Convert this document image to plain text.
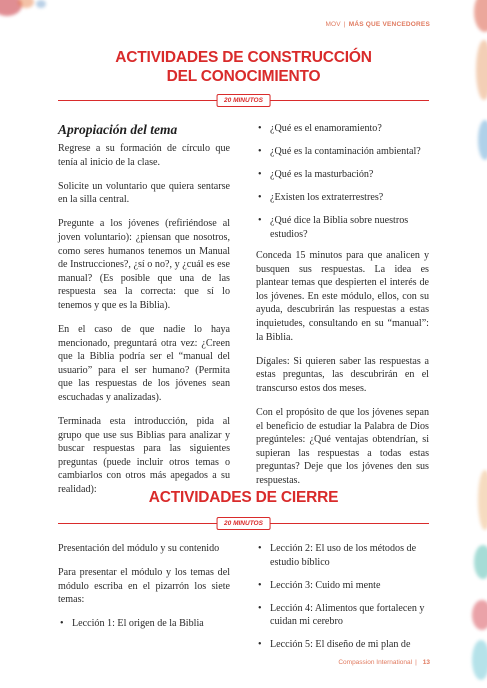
MOV | MÁS QUE VENCEDORES
ACTIVIDADES DE CONSTRUCCIÓN
DEL CONOCIMIENTO
20 MINUTOS
Apropiación del tema

Regrese a su formación de círculo que tenía al inicio de la clase.

Solicite un voluntario que quiera sentarse en la silla central.

Pregunte a los jóvenes (refiriéndose al joven voluntario): ¿piensan que nosotros, como seres humanos tenemos un Manual de Instrucciones?, ¿sí o no?, y ¿cuál es ese manual? (Es posible que una de las respuesta sea la correcta: que sí lo tenemos y que es la Biblia).

En el caso de que nadie lo haya mencionado, preguntará otra vez: ¿Creen que la Biblia podría ser el “manual del usuario” para el ser humano? (Permita que las respuestas de los jóvenes sean escuchadas y analizadas).

Terminada esta introducción, pida al grupo que use sus Biblias para analizar y buscar respuestas para las siguientes preguntas (puede incluir otros temas o cambiarlos con otros más apegados a su realidad):

• ¿Qué es el enamoramiento?
• ¿Qué es la contaminación ambiental?
• ¿Qué es la masturbación?
• ¿Existen los extraterrestres?
• ¿Qué dice la Biblia sobre nuestros estudios?

Conceda 15 minutos para que analicen y busquen sus respuestas. La idea es plantear temas que despierten el interés de los jóvenes. En este módulo, ellos, con su ayuda, descubrirán las respuestas a estas inquietudes, consultando en su “manual”: la Biblia.

Dígales: Si quieren saber las respuestas a estas preguntas, las descubrirán en el transcurso estos dos meses.

Con el propósito de que los jóvenes sepan el beneficio de estudiar la Palabra de Dios pregúnteles: ¿Qué ventajas obtendrían, si supieran las respuestas a todas estas preguntas? Deje que los jóvenes den sus respuestas.

ACTIVIDADES DE CIERRE
20 MINUTOS

Presentación del módulo y su contenido

Para presentar el módulo y los temas del módulo escriba en el pizarrón los siete temas:

• Lección 1: El origen de la Biblia
• Lección 2: El uso de los métodos de estudio bíblico
• Lección 3: Cuido mi mente
• Lección 4: Alimentos que fortalecen y cuidan mi cerebro
• Lección 5: El diseño de mi plan de
Compassion International | 13
